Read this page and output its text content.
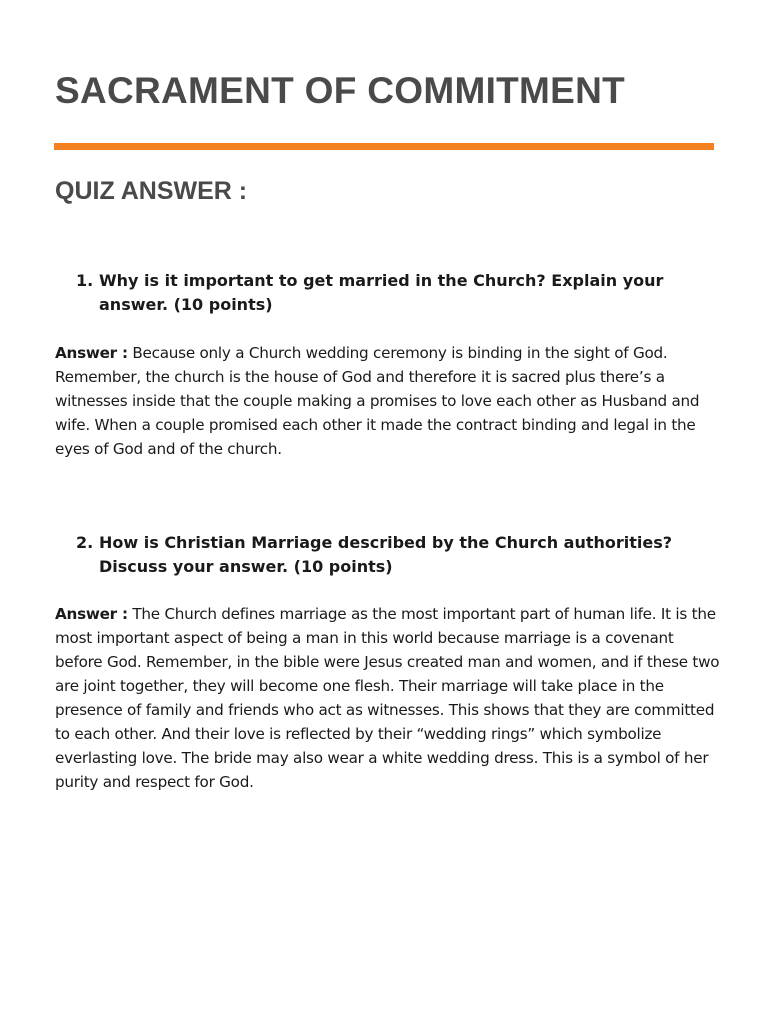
SACRAMENT OF COMMITMENT
QUIZ ANSWER :
1. Why is it important to get married in the Church? Explain your answer. (10 points)

Answer : Because only a Church wedding ceremony is binding in the sight of God. Remember, the church is the house of God and therefore it is sacred plus there’s a witnesses inside that the couple making a promises to love each other as Husband and wife. When a couple promised each other it made the contract binding and legal in the eyes of God and of the church.

2. How is Christian Marriage described by the Church authorities? Discuss your answer. (10 points)

Answer : The Church defines marriage as the most important part of human life. It is the most important aspect of being a man in this world because marriage is a covenant before God. Remember, in the bible were Jesus created man and women, and if these two are joint together, they will become one flesh. Their marriage will take place in the presence of family and friends who act as witnesses. This shows that they are committed to each other. And their love is reflected by their “wedding rings” which symbolize everlasting love. The bride may also wear a white wedding dress. This is a symbol of her purity and respect for God.
